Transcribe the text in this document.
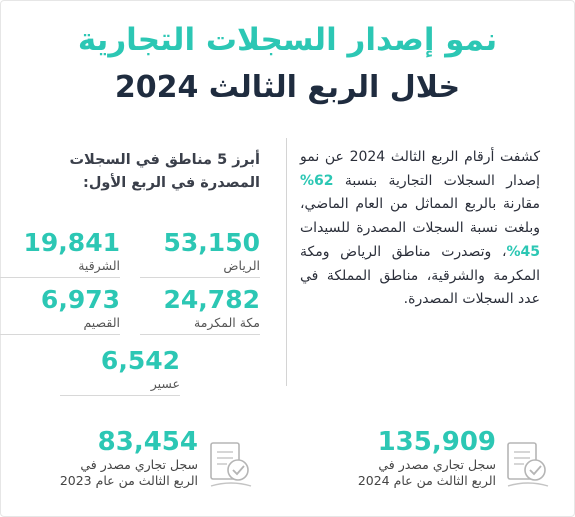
نمو إصدار السجلات التجارية
خلال الربع الثالث 2024
كشفت أرقام الربع الثالث 2024 عن نمو إصدار السجلات التجارية بنسبة 62% مقارنة بالربع المماثل من العام الماضي، وبلغت نسبة السجلات المصدرة للسيدات 45%، وتصدرت مناطق الرياض ومكة المكرمة والشرقية، مناطق المملكة في عدد السجلات المصدرة.
أبرز 5 مناطق في السجلات المصدرة في الربع الأول:
53,150
الرياض
19,841
الشرقية
24,782
مكة المكرمة
6,973
القصيم
6,542
عسير
135,909
سجل تجاري مصدر في
الربع الثالث من عام 2024
83,454
سجل تجاري مصدر في
الربع الثالث من عام 2023
